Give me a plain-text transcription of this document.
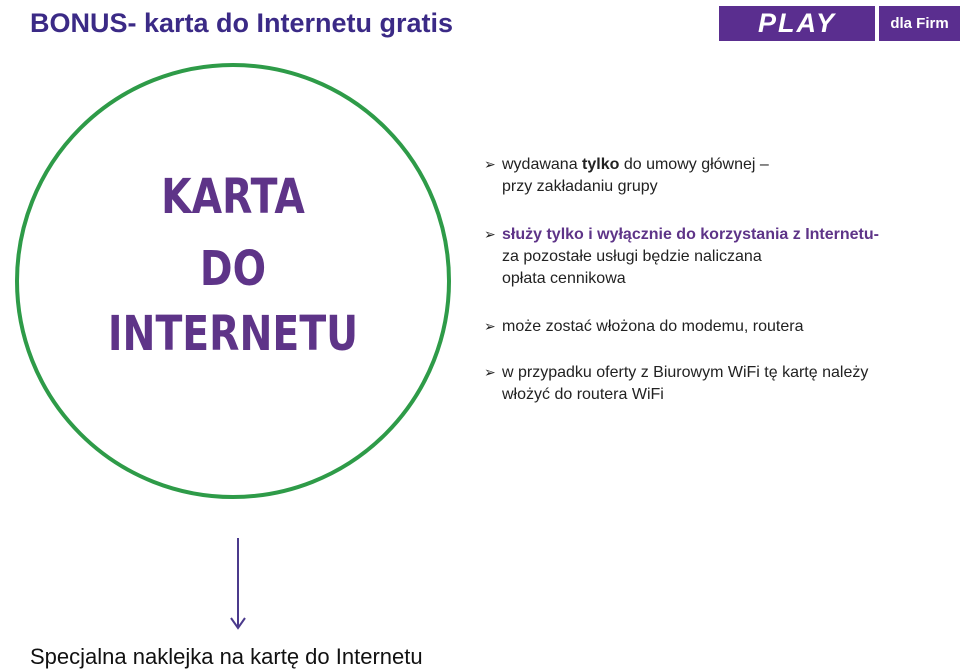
BONUS- karta do Internetu gratis	PLAY	dla Firm
KARTA
DO
INTERNETU
➢ wydawana tylko do umowy głównej –
przy zakładaniu grupy
➢ służy tylko i wyłącznie do korzystania z Internetu-
za pozostałe usługi będzie naliczana
opłata cennikowa
➢ może zostać włożona do modemu, routera
➢ w przypadku oferty z Biurowym WiFi tę kartę należy
włożyć do routera WiFi

Specjalna naklejka na kartę do Internetu
